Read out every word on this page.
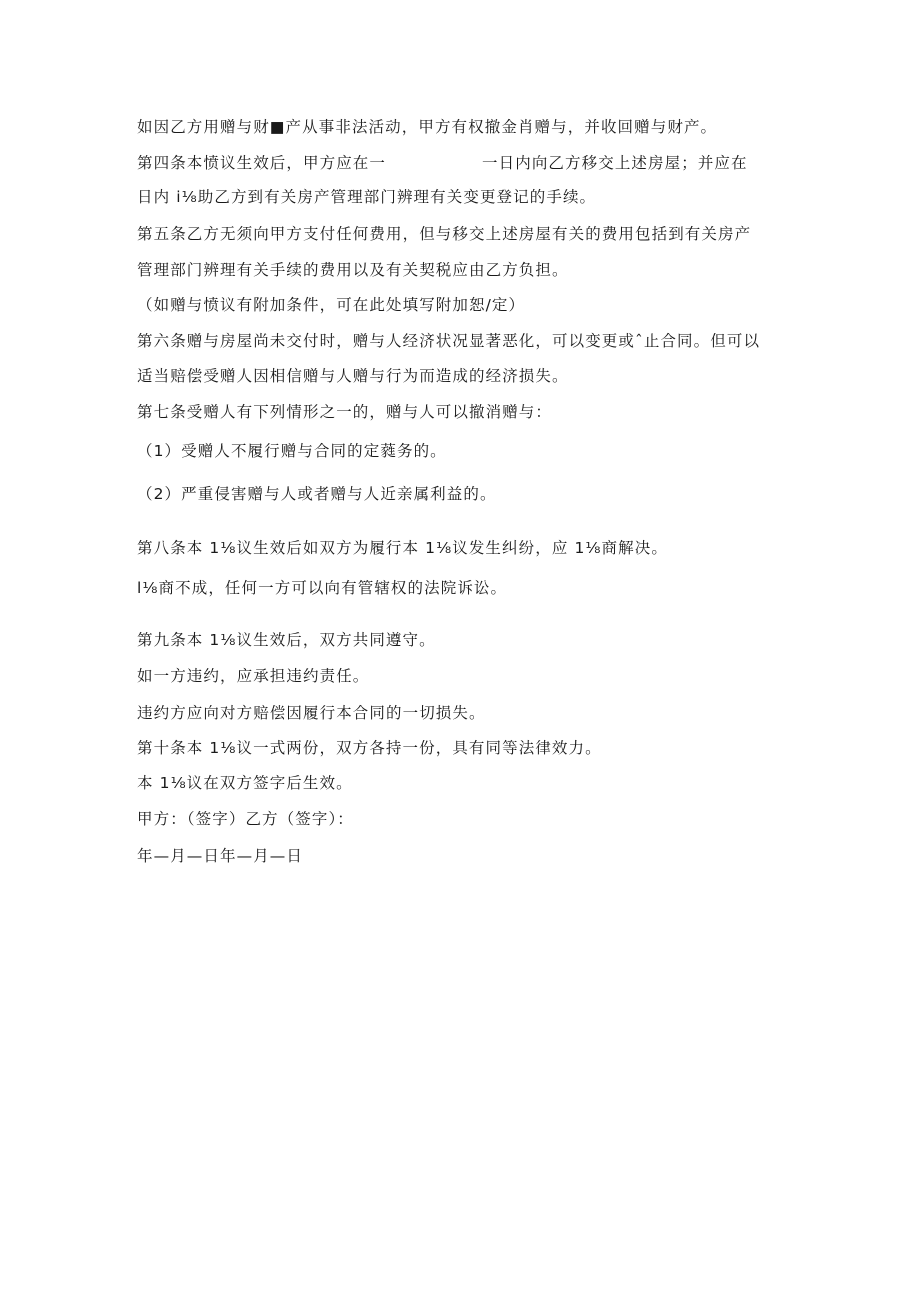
如因乙方用赠与财■产从事非法活动，甲方有权撤金肖赠与，并收回赠与财产。
第四条本愤议生效后，甲方应在一	一日内向乙方移交上述房屋；并应在
日内 i⅛助乙方到有关房产管理部门辨理有关变更登记的手续。
第五条乙方无须向甲方支付任何费用，但与移交上述房屋有关的费用包括到有关房产
管理部门辨理有关手续的费用以及有关契税应由乙方负担。
（如赠与愤议有附加条件，可在此处填写附加恕/定）
第六条赠与房屋尚未交付时，赠与人经济状况显著恶化，可以变更或ˆ止合同。但可以
适当赔偿受赠人因相信赠与人赠与行为而造成的经济损失。
第七条受赠人有下列情形之一的，赠与人可以撤消赠与：
（1）受赠人不履行赠与合同的定蕤务的。
（2）严重侵害赠与人或者赠与人近亲属利益的。
第八条本 1⅛议生效后如双方为履行本 1⅛议发生纠纷，应 1⅛商解决。
l⅛商不成，任何一方可以向有管辖权的法院诉讼。
第九条本 1⅛议生效后，双方共同遵守。
如一方违约，应承担违约责任。
违约方应向对方赔偿因履行本合同的一切损失。
第十条本 1⅛议一式两份，双方各持一份，具有同等法律效力。
本 1⅛议在双方签字后生效。
甲方：（签字）乙方（签字）：
年—月—日年—月—日
